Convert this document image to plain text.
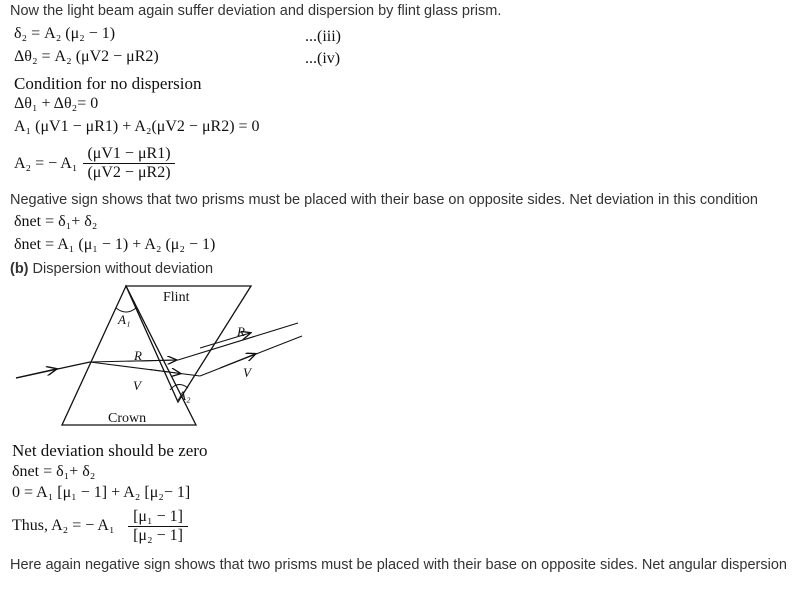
Now the light beam again suffer deviation and dispersion by flint glass prism.
δ₂ = A₂ (μ₂ − 1)	...(iii)
Δθ₂ = A₂ (μV2 − μR2)	...(iv)
Condition for no dispersion
Δθ₁ + Δθ₂= 0
A₁ (μV1 − μR1) + A₂(μV2 − μR2) = 0
A₂ = − $A_1 \frac{(\mu V1 - \mu R1)}{(\mu V2 - \mu R2)}$
Negative sign shows that two prisms must be placed with their base on opposite sides. Net deviation in this condition
δnet = δ₁+ δ₂
δnet = A₁ (μ₁ − 1) + A₂ (μ₂ − 1)
(b) Dispersion without deviation
Flint
Crown
A₁
A₂
R
V
R
V
Net deviation should be zero
δnet = δ₁+ δ₂
0 = A₁ [μ₁ − 1] + A₂ [μ₂− 1]
Thus, A₂ = − $A_1 \frac{\text{[μ₁ − 1]}}{\text{[μ₂ − 1]}}$
Here again negative sign shows that two prisms must be placed with their base on opposite sides. Net angular dispersion
